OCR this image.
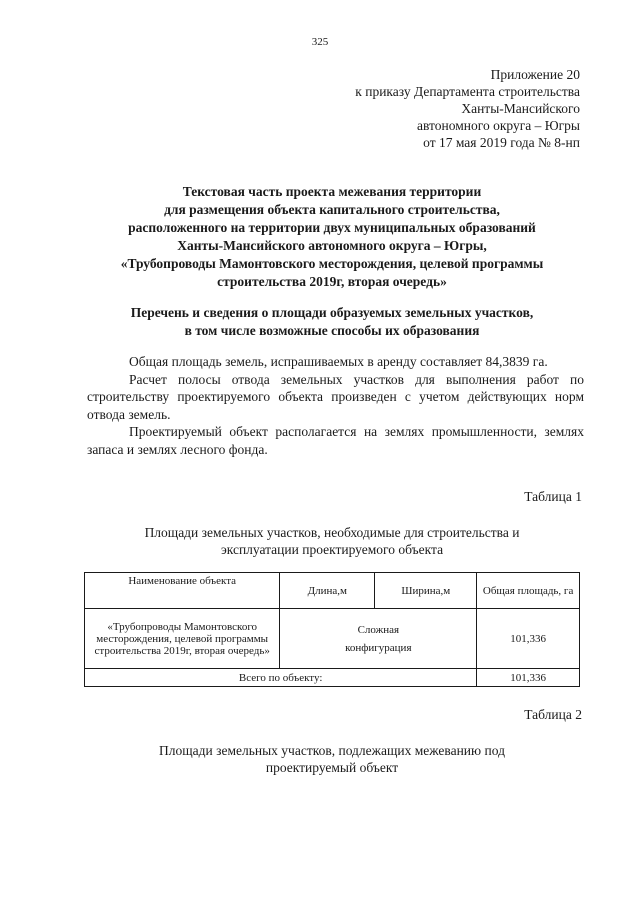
325
Приложение 20
к приказу Департамента строительства
Ханты-Мансийского
автономного округа – Югры
от 17 мая 2019 года № 8-нп
Текстовая часть проекта межевания территории
для размещения объекта капитального строительства,
расположенного на территории двух муниципальных образований
Ханты-Мансийского автономного округа – Югры,
«Трубопроводы Мамонтовского месторождения, целевой программы
строительства 2019г, вторая очередь»
Перечень и сведения о площади образуемых земельных участков,
в том числе возможные способы их образования

Общая площадь земель, испрашиваемых в аренду составляет 84,3839 га.

Расчет полосы отвода земельных участков для выполнения работ по строительству проектируемого объекта произведен с учетом действующих норм отвода земель.

Проектируемый объект располагается на землях промышленности, землях запаса и землях лесного фонда.

Таблица 1
Площади земельных участков, необходимые для строительства и
эксплуатации проектируемого объекта
Наименование объекта	Длина,м	Ширина,м	Общая площадь, га
«Трубопроводы Мамонтовского месторождения, целевой программы строительства 2019г, вторая очередь»	Сложная конфигурация		101,336
Всего по объекту:			101,336
Таблица 2
Площади земельных участков, подлежащих межеванию под
проектируемый объект
